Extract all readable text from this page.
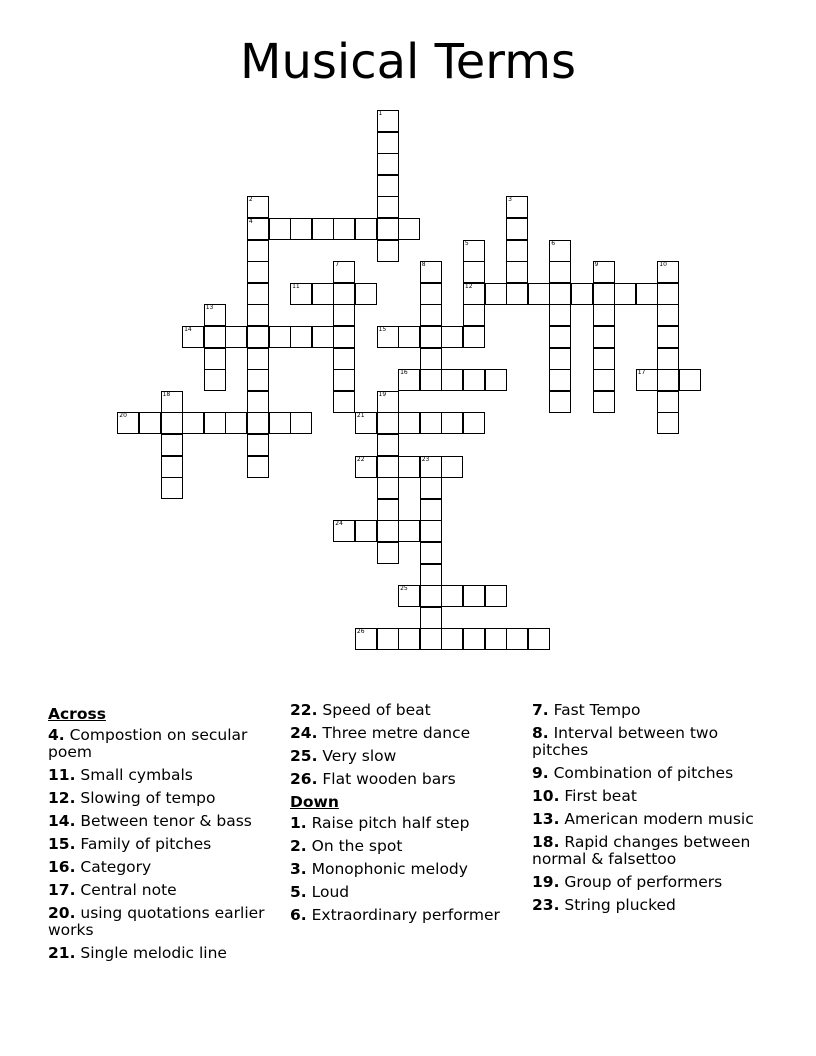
Musical Terms
1
2
4
3
5
12
6
7	8	9	10
11
13
14	15
16	17
18	19
20	21
22	23
24
25
26
Across
4. Compostion on secular poem
11. Small cymbals
12. Slowing of tempo
14. Between tenor & bass
15. Family of pitches
16. Category
17. Central note
20. using quotations earlier works
21. Single melodic line
22. Speed of beat
24. Three metre dance
25. Very slow
26. Flat wooden bars
Down
1. Raise pitch half step
2. On the spot
3. Monophonic melody
5. Loud
6. Extraordinary performer
7. Fast Tempo
8. Interval between two pitches
9. Combination of pitches
10. First beat
13. American modern music
18. Rapid changes between normal & falsettoo
19. Group of performers
23. String plucked
